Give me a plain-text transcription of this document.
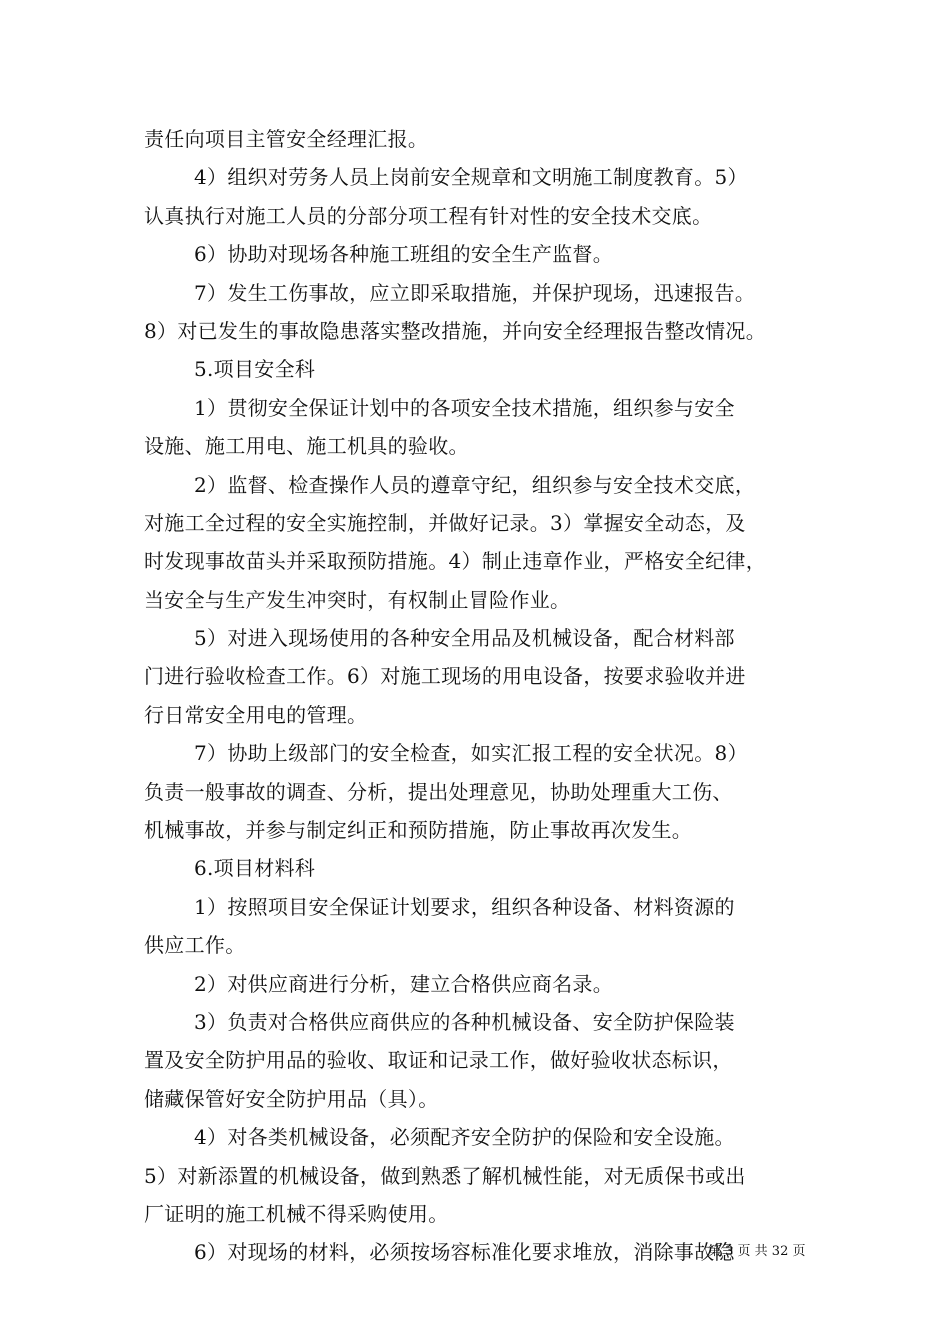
责任向项目主管安全经理汇报。
4）组织对劳务人员上岗前安全规章和文明施工制度教育。5）
认真执行对施工人员的分部分项工程有针对性的安全技术交底。
6）协助对现场各种施工班组的安全生产监督。
7）发生工伤事故，应立即采取措施，并保护现场，迅速报告。
8）对已发生的事故隐患落实整改措施，并向安全经理报告整改情况。
5.项目安全科
1）贯彻安全保证计划中的各项安全技术措施，组织参与安全
设施、施工用电、施工机具的验收。
2）监督、检查操作人员的遵章守纪，组织参与安全技术交底，
对施工全过程的安全实施控制，并做好记录。3）掌握安全动态，及
时发现事故苗头并采取预防措施。4）制止违章作业，严格安全纪律，
当安全与生产发生冲突时，有权制止冒险作业。
5）对进入现场使用的各种安全用品及机械设备，配合材料部
门进行验收检查工作。6）对施工现场的用电设备，按要求验收并进
行日常安全用电的管理。
7）协助上级部门的安全检查，如实汇报工程的安全状况。8）
负责一般事故的调查、分析，提出处理意见，协助处理重大工伤、
机械事故，并参与制定纠正和预防措施，防止事故再次发生。
6.项目材料科
1）按照项目安全保证计划要求，组织各种设备、材料资源的
供应工作。
2）对供应商进行分析，建立合格供应商名录。
3）负责对合格供应商供应的各种机械设备、安全防护保险装
置及安全防护用品的验收、取证和记录工作，做好验收状态标识，
储藏保管好安全防护用品（具）。
4）对各类机械设备，必须配齐安全防护的保险和安全设施。
5）对新添置的机械设备，做到熟悉了解机械性能，对无质保书或出
厂证明的施工机械不得采购使用。
6）对现场的材料，必须按场容标准化要求堆放，消除事故隐
第 3 页 共 32 页
